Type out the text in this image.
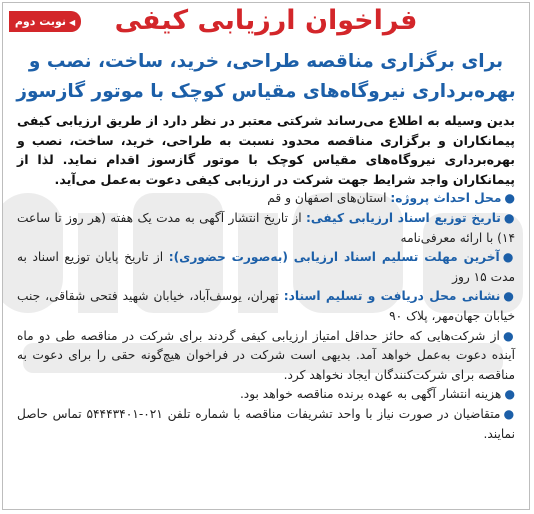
◀ نوبت دوم	فراخوان ارزیابی کیفی
برای برگزاری مناقصه طراحی، خرید، ساخت، نصب و
بهره‌برداری نیروگاه‌های مقیاس کوچک با موتور گازسوز

بدین وسیله به اطلاع می‌رساند شرکتی معتبر در نظر دارد از طریق ارزیابی کیفی پیمانکاران و برگزاری مناقصه محدود نسبت به طراحی، خرید، ساخت، نصب و بهره‌برداری نیروگاه‌های مقیاس کوچک با موتور گازسوز اقدام نماید. لذا از پیمانکاران واجد شرایط جهت شرکت در ارزیابی کیفی دعوت به‌عمل می‌آید.

●محل احداث پروژه: استان‌های اصفهان و قم

●تاریخ توزیع اسناد ارزیابی کیفی: از تاریخ انتشار آگهی به مدت یک هفته (هر روز تا ساعت ۱۴) با ارائه معرفی‌نامه

●آخرین مهلت تسلیم اسناد ارزیابی (به‌صورت حضوری): از تاریخ پایان توزیع اسناد به مدت ۱۵ روز

●نشانی محل دریافت و تسلیم اسناد: تهران، یوسف‌آباد، خیابان شهید فتحی شقاقی، جنب خیابان جهان‌مهر، پلاک ۹۰

●از شرکت‌هایی که حائز حداقل امتیاز ارزیابی کیفی گردند برای شرکت در مناقصه طی دو ماه آینده دعوت به‌عمل خواهد آمد. بدیهی است شرکت در فراخوان هیچ‌گونه حقی را برای دعوت به مناقصه برای شرکت‌کنندگان ایجاد نخواهد کرد.

●هزینه انتشار آگهی به عهده برنده مناقصه خواهد بود.

●متقاضیان در صورت نیاز با واحد تشریفات مناقصه با شماره تلفن ۰۲۱-۵۴۴۴۳۴۰۱ تماس حاصل نمایند.
